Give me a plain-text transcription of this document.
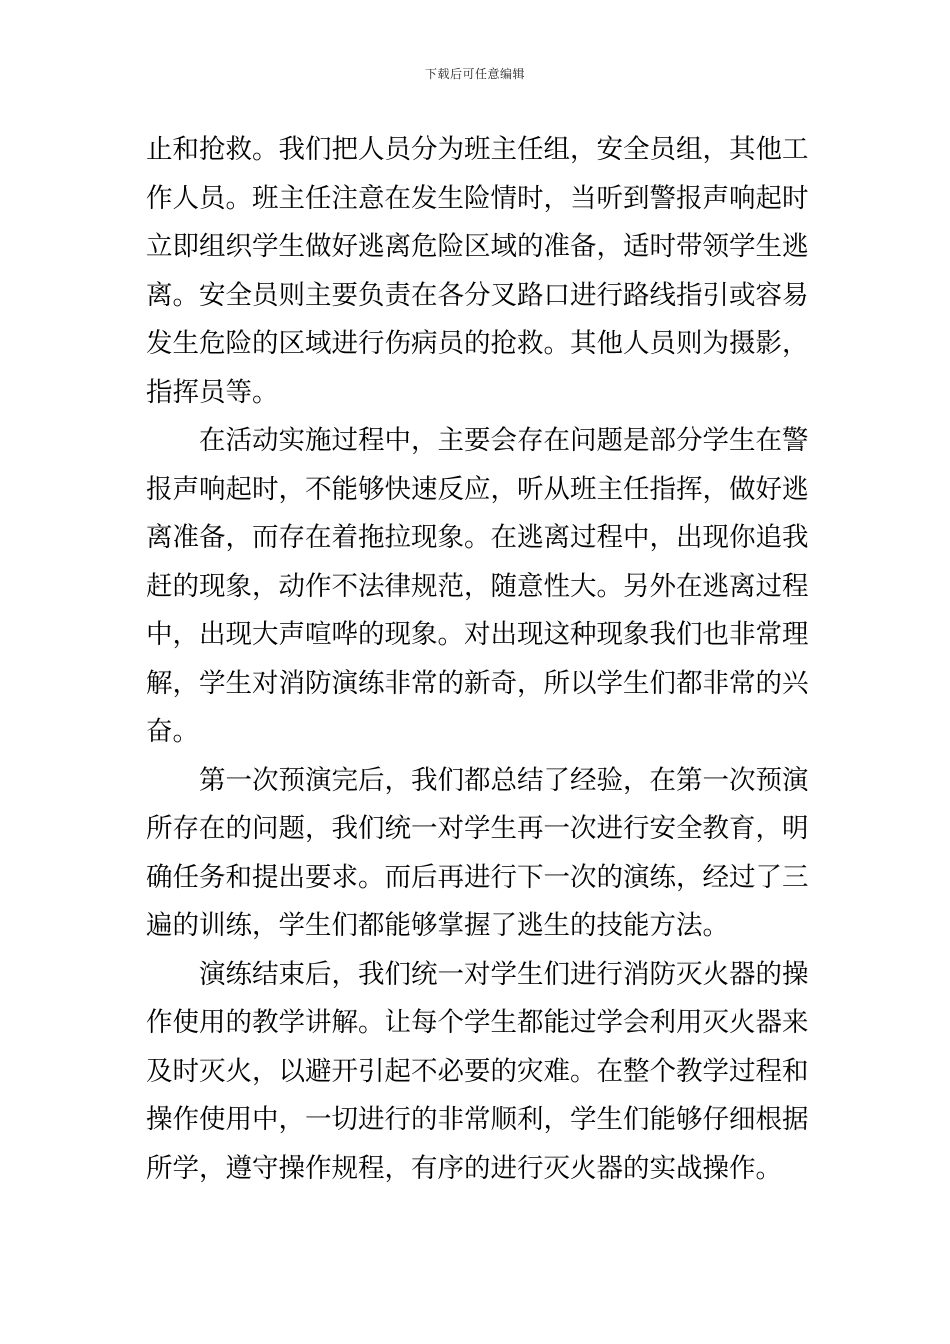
下载后可任意编辑
止和抢救。我们把人员分为班主任组，安全员组，其他工
作人员。班主任注意在发生险情时，当听到警报声响起时
立即组织学生做好逃离危险区域的准备，适时带领学生逃
离。安全员则主要负责在各分叉路口进行路线指引或容易
发生危险的区域进行伤病员的抢救。其他人员则为摄影，
指挥员等。
在活动实施过程中，主要会存在问题是部分学生在警
报声响起时，不能够快速反应，听从班主任指挥，做好逃
离准备，而存在着拖拉现象。在逃离过程中，出现你追我
赶的现象，动作不法律规范，随意性大。另外在逃离过程
中，出现大声喧哗的现象。对出现这种现象我们也非常理
解，学生对消防演练非常的新奇，所以学生们都非常的兴
奋。
第一次预演完后，我们都总结了经验，在第一次预演
所存在的问题，我们统一对学生再一次进行安全教育，明
确任务和提出要求。而后再进行下一次的演练，经过了三
遍的训练，学生们都能够掌握了逃生的技能方法。
演练结束后，我们统一对学生们进行消防灭火器的操
作使用的教学讲解。让每个学生都能过学会利用灭火器来
及时灭火，以避开引起不必要的灾难。在整个教学过程和
操作使用中，一切进行的非常顺利，学生们能够仔细根据
所学，遵守操作规程，有序的进行灭火器的实战操作。
